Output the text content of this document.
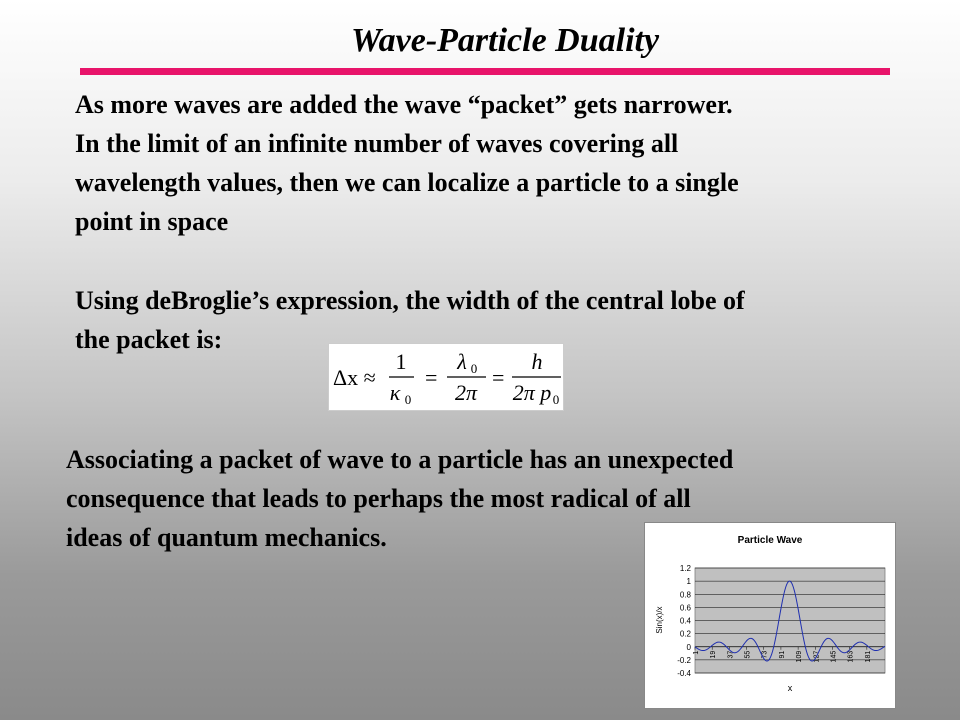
Wave-Particle Duality
As more waves are added the wave “packet” gets narrower.
In the limit of an infinite number of waves covering all
wavelength values, then we can localize a particle to a single
point in space
Using deBroglie’s expression, the width of the central lobe of
the packet is:
Δx ≈
1
κ 0
=
λ 0
2π
=
h
2π p 0
Associating a packet of wave to a particle has an unexpected
consequence that leads to perhaps the most radical of all
ideas of quantum mechanics.	Particle Wave
1.2
1
0.8
0.6
0.4
0.2
0
-0.2
-0.4
1 19 37 55 73 91 109 127 145 163 181
Sin(x)/x
x
